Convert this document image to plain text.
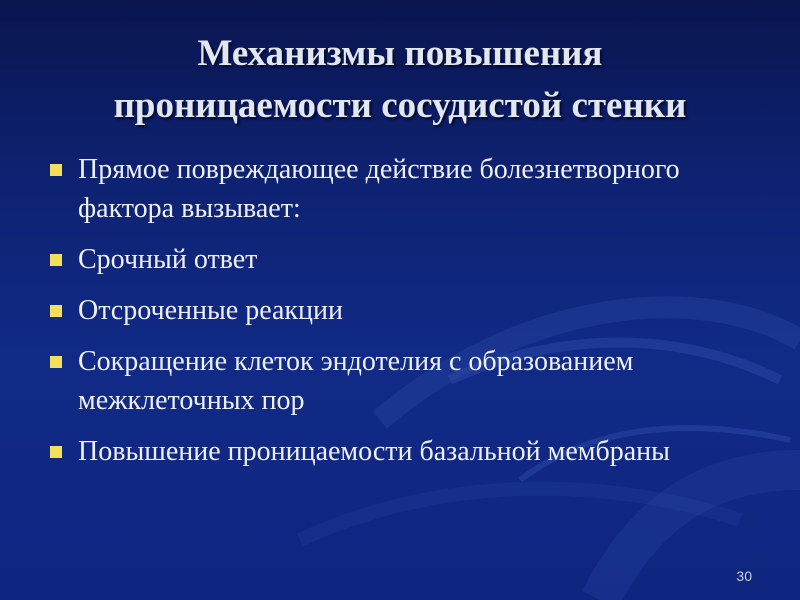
Механизмы повышения
проницаемости сосудистой стенки
Прямое повреждающее действие болезнетворного фактора вызывает:
Срочный ответ
Отсроченные реакции
Сокращение клеток эндотелия с образованием межклеточных пор
Повышение проницаемости базальной мембраны
30
